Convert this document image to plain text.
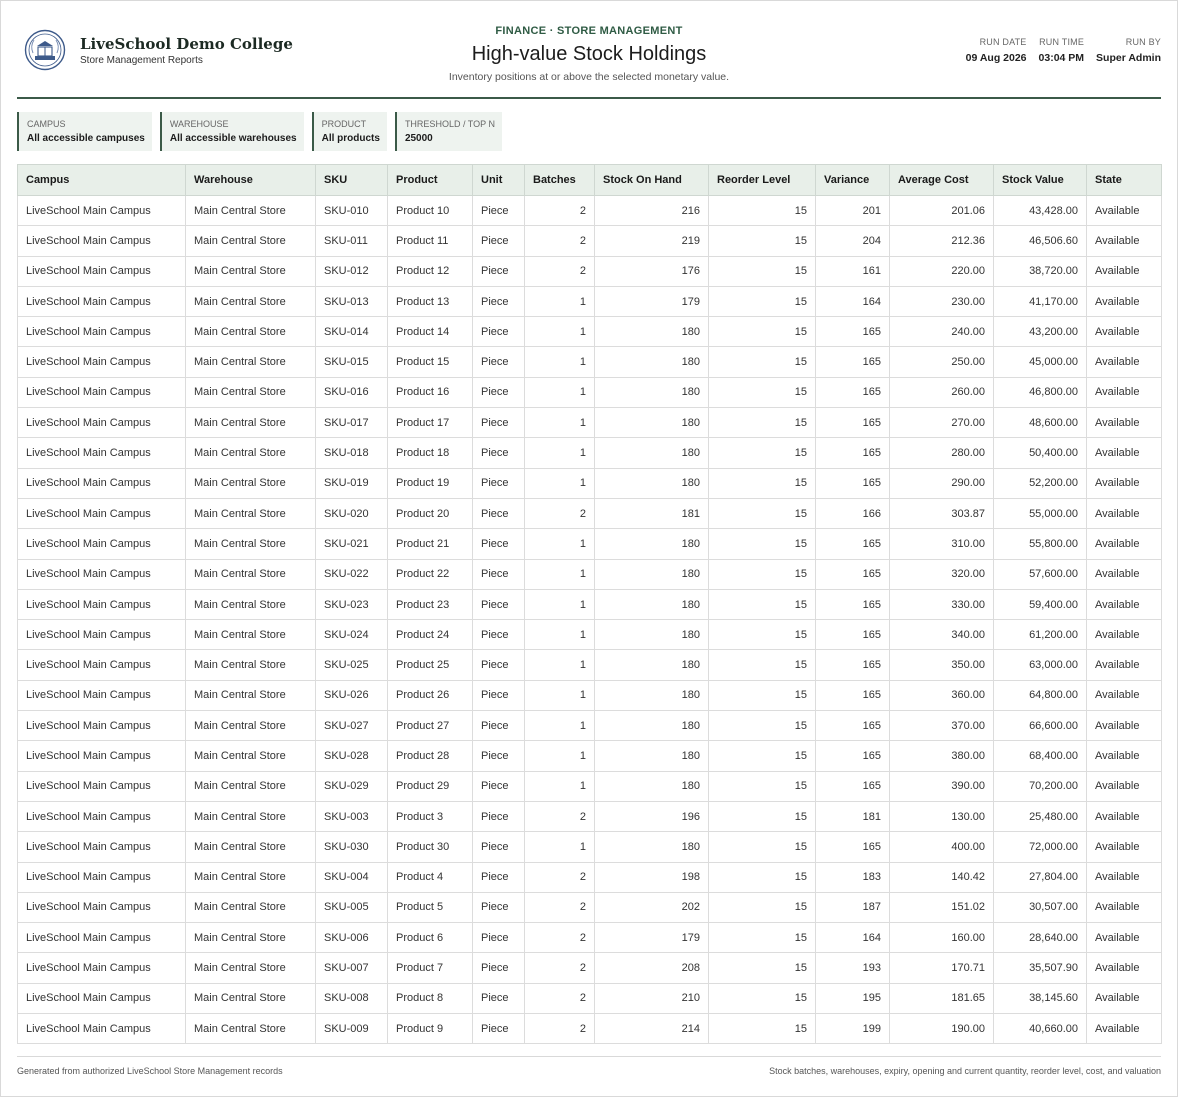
LiveSchool Demo College
Store Management Reports
FINANCE · STORE MANAGEMENT
High-value Stock Holdings
Inventory positions at or above the selected monetary value.
RUN DATE
09 Aug 2026
RUN TIME
03:04 PM
RUN BY
Super Admin
CAMPUS
All accessible campuses
WAREHOUSE
All accessible warehouses
PRODUCT
All products
THRESHOLD / TOP N
25000
Campus	Warehouse	SKU	Product	Unit	Batches	Stock On Hand	Reorder Level	Variance	Average Cost	Stock Value	State
LiveSchool Main Campus	Main Central Store	SKU-010	Product 10	Piece	2	216	15	201	201.06	43,428.00	Available
LiveSchool Main Campus	Main Central Store	SKU-011	Product 11	Piece	2	219	15	204	212.36	46,506.60	Available
LiveSchool Main Campus	Main Central Store	SKU-012	Product 12	Piece	2	176	15	161	220.00	38,720.00	Available
LiveSchool Main Campus	Main Central Store	SKU-013	Product 13	Piece	1	179	15	164	230.00	41,170.00	Available
LiveSchool Main Campus	Main Central Store	SKU-014	Product 14	Piece	1	180	15	165	240.00	43,200.00	Available
LiveSchool Main Campus	Main Central Store	SKU-015	Product 15	Piece	1	180	15	165	250.00	45,000.00	Available
LiveSchool Main Campus	Main Central Store	SKU-016	Product 16	Piece	1	180	15	165	260.00	46,800.00	Available
LiveSchool Main Campus	Main Central Store	SKU-017	Product 17	Piece	1	180	15	165	270.00	48,600.00	Available
LiveSchool Main Campus	Main Central Store	SKU-018	Product 18	Piece	1	180	15	165	280.00	50,400.00	Available
LiveSchool Main Campus	Main Central Store	SKU-019	Product 19	Piece	1	180	15	165	290.00	52,200.00	Available
LiveSchool Main Campus	Main Central Store	SKU-020	Product 20	Piece	2	181	15	166	303.87	55,000.00	Available
LiveSchool Main Campus	Main Central Store	SKU-021	Product 21	Piece	1	180	15	165	310.00	55,800.00	Available
LiveSchool Main Campus	Main Central Store	SKU-022	Product 22	Piece	1	180	15	165	320.00	57,600.00	Available
LiveSchool Main Campus	Main Central Store	SKU-023	Product 23	Piece	1	180	15	165	330.00	59,400.00	Available
LiveSchool Main Campus	Main Central Store	SKU-024	Product 24	Piece	1	180	15	165	340.00	61,200.00	Available
LiveSchool Main Campus	Main Central Store	SKU-025	Product 25	Piece	1	180	15	165	350.00	63,000.00	Available
LiveSchool Main Campus	Main Central Store	SKU-026	Product 26	Piece	1	180	15	165	360.00	64,800.00	Available
LiveSchool Main Campus	Main Central Store	SKU-027	Product 27	Piece	1	180	15	165	370.00	66,600.00	Available
LiveSchool Main Campus	Main Central Store	SKU-028	Product 28	Piece	1	180	15	165	380.00	68,400.00	Available
LiveSchool Main Campus	Main Central Store	SKU-029	Product 29	Piece	1	180	15	165	390.00	70,200.00	Available
LiveSchool Main Campus	Main Central Store	SKU-003	Product 3	Piece	2	196	15	181	130.00	25,480.00	Available
LiveSchool Main Campus	Main Central Store	SKU-030	Product 30	Piece	1	180	15	165	400.00	72,000.00	Available
LiveSchool Main Campus	Main Central Store	SKU-004	Product 4	Piece	2	198	15	183	140.42	27,804.00	Available
LiveSchool Main Campus	Main Central Store	SKU-005	Product 5	Piece	2	202	15	187	151.02	30,507.00	Available
LiveSchool Main Campus	Main Central Store	SKU-006	Product 6	Piece	2	179	15	164	160.00	28,640.00	Available
LiveSchool Main Campus	Main Central Store	SKU-007	Product 7	Piece	2	208	15	193	170.71	35,507.90	Available
LiveSchool Main Campus	Main Central Store	SKU-008	Product 8	Piece	2	210	15	195	181.65	38,145.60	Available
LiveSchool Main Campus	Main Central Store	SKU-009	Product 9	Piece	2	214	15	199	190.00	40,660.00	Available
Generated from authorized LiveSchool Store Management records	Stock batches, warehouses, expiry, opening and current quantity, reorder level, cost, and valuation
